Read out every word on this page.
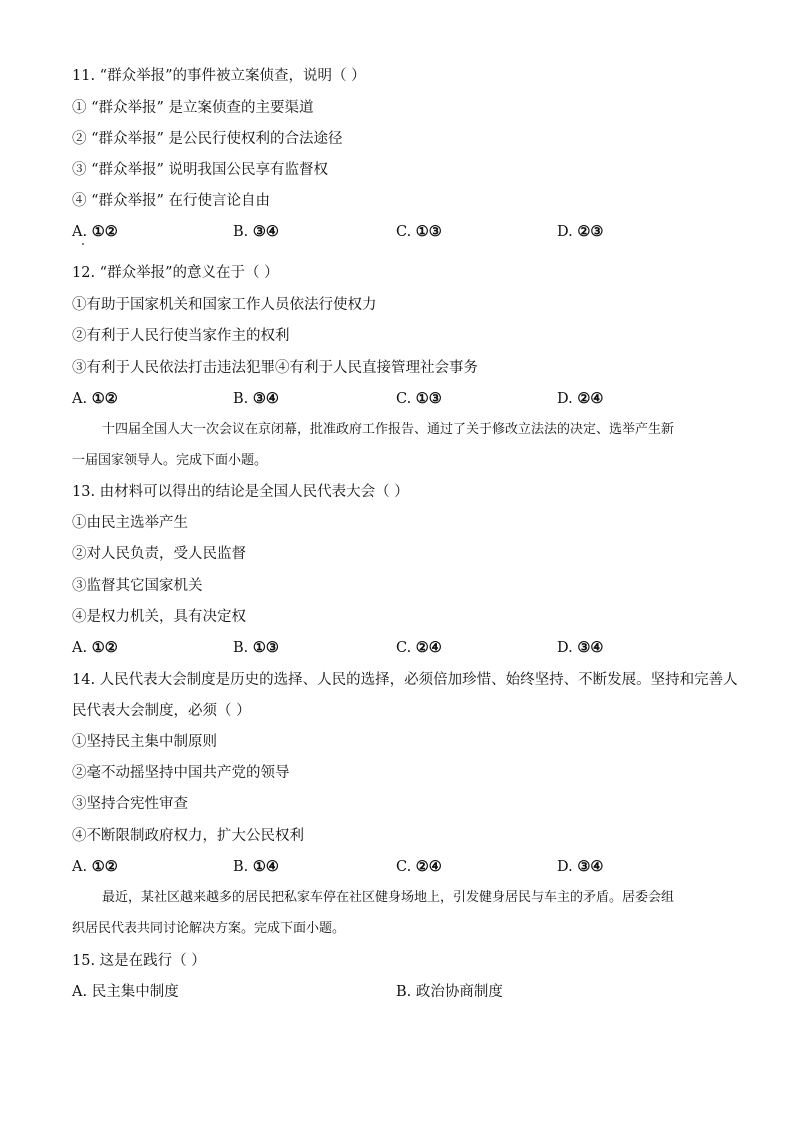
11. “群众举报”的事件被立案侦查，说明（ ）
① “群众举报” 是立案侦查的主要渠道
② “群众举报” 是公民行使权利的合法途径
③ “群众举报” 说明我国公民享有监督权
④ “群众举报” 在行使言论自由
A. ①②	B. ③④	C. ①③	D. ②③
12. “群众举报”的意义在于（ ）
①有助于国家机关和国家工作人员依法行使权力
②有利于人民行使当家作主的权利
③有利于人民依法打击违法犯罪④有利于人民直接管理社会事务
A. ①②	B. ③④	C. ①③	D. ②④
十四届全国人大一次会议在京闭幕，批准政府工作报告、通过了关于修改立法法的决定、选举产生新
一届国家领导人。完成下面小题。
13. 由材料可以得出的结论是全国人民代表大会（ ）
①由民主选举产生
②对人民负责，受人民监督
③监督其它国家机关
④是权力机关，具有决定权
A. ①②	B. ①③	C. ②④	D. ③④
14. 人民代表大会制度是历史的选择、人民的选择，必须倍加珍惜、始终坚持、不断发展。坚持和完善人
民代表大会制度，必须（ ）
①坚持民主集中制原则
②毫不动摇坚持中国共产党的领导
③坚持合宪性审查
④不断限制政府权力，扩大公民权利
A. ①②	B. ①④	C. ②④	D. ③④
最近，某社区越来越多的居民把私家车停在社区健身场地上，引发健身居民与车主的矛盾。居委会组
织居民代表共同讨论解决方案。完成下面小题。
15. 这是在践行（ ）
A. 民主集中制度	B. 政治协商制度
